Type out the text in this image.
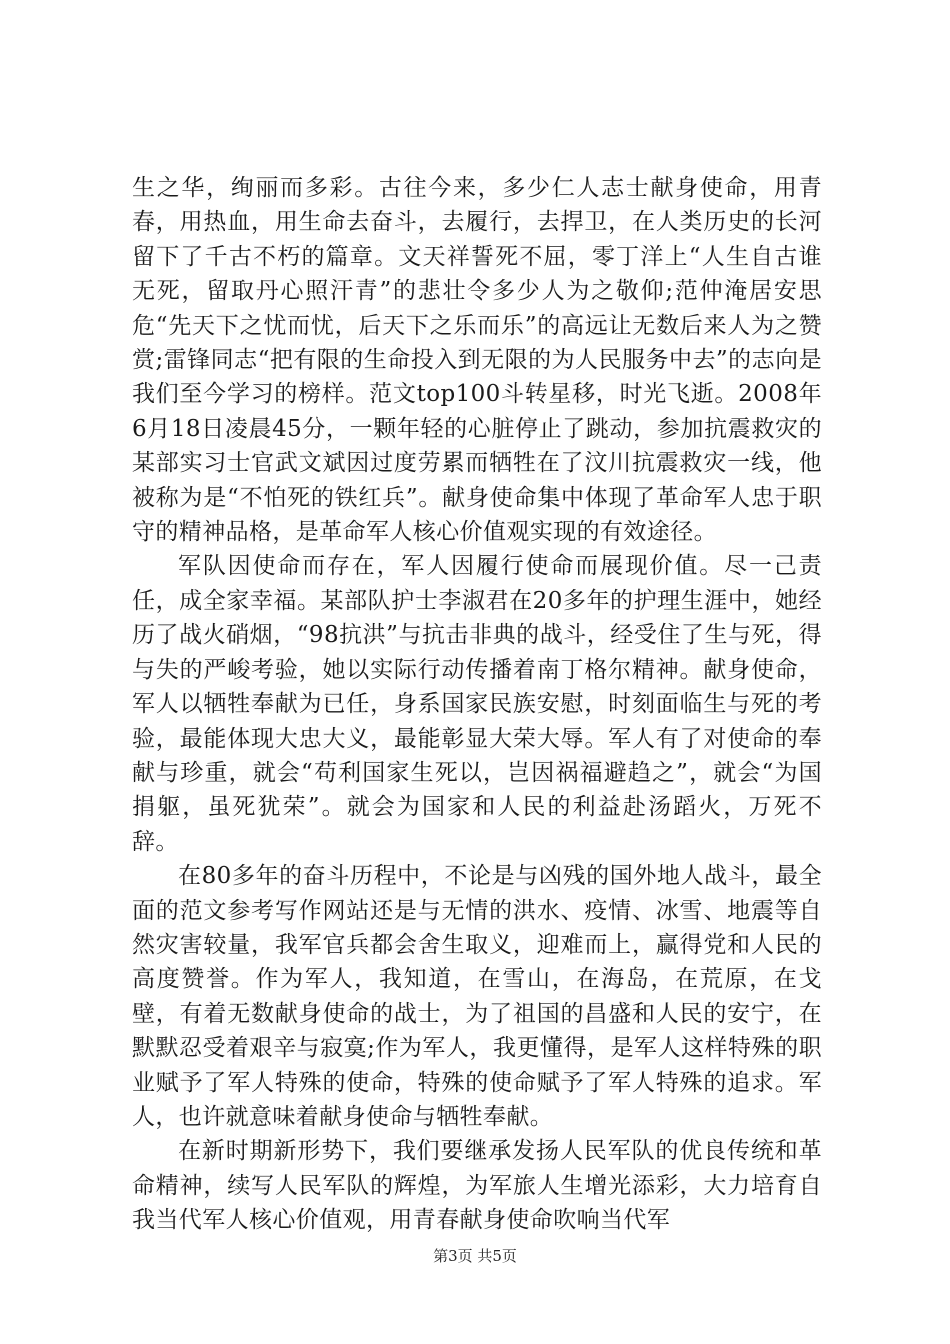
生之华，绚丽而多彩。古往今来，多少仁人志士献身使命，用青春，用热血，用生命去奋斗，去履行，去捍卫，在人类历史的长河留下了千古不朽的篇章。文天祥誓死不屈，零丁洋上“人生自古谁无死，留取丹心照汗青”的悲壮令多少人为之敬仰;范仲淹居安思危“先天下之忧而忧，后天下之乐而乐”的高远让无数后来人为之赞赏;雷锋同志“把有限的生命投入到无限的为人民服务中去”的志向是我们至今学习的榜样。范文top100斗转星移，时光飞逝。2008年6月18日凌晨45分，一颗年轻的心脏停止了跳动，参加抗震救灾的某部实习士官武文斌因过度劳累而牺牲在了汶川抗震救灾一线，他被称为是“不怕死的铁红兵”。献身使命集中体现了革命军人忠于职守的精神品格，是革命军人核心价值观实现的有效途径。

军队因使命而存在，军人因履行使命而展现价值。尽一己责任，成全家幸福。某部队护士李淑君在20多年的护理生涯中，她经历了战火硝烟，“98抗洪”与抗击非典的战斗，经受住了生与死，得与失的严峻考验，她以实际行动传播着南丁格尔精神。献身使命，军人以牺牲奉献为已任，身系国家民族安慰，时刻面临生与死的考验，最能体现大忠大义，最能彰显大荣大辱。军人有了对使命的奉献与珍重，就会“苟利国家生死以，岂因祸福避趋之”，就会“为国捐躯，虽死犹荣”。就会为国家和人民的利益赴汤蹈火，万死不辞。

在80多年的奋斗历程中，不论是与凶残的国外地人战斗，最全面的范文参考写作网站还是与无情的洪水、疫情、冰雪、地震等自然灾害较量，我军官兵都会舍生取义，迎难而上，赢得党和人民的高度赞誉。作为军人，我知道，在雪山，在海岛，在荒原，在戈壁，有着无数献身使命的战士，为了祖国的昌盛和人民的安宁，在默默忍受着艰辛与寂寞;作为军人，我更懂得，是军人这样特殊的职业赋予了军人特殊的使命，特殊的使命赋予了军人特殊的追求。军人，也许就意味着献身使命与牺牲奉献。

在新时期新形势下，我们要继承发扬人民军队的优良传统和革命精神，续写人民军队的辉煌，为军旅人生增光添彩，大力培育自我当代军人核心价值观，用青春献身使命吹响当代军

第3页 共5页
